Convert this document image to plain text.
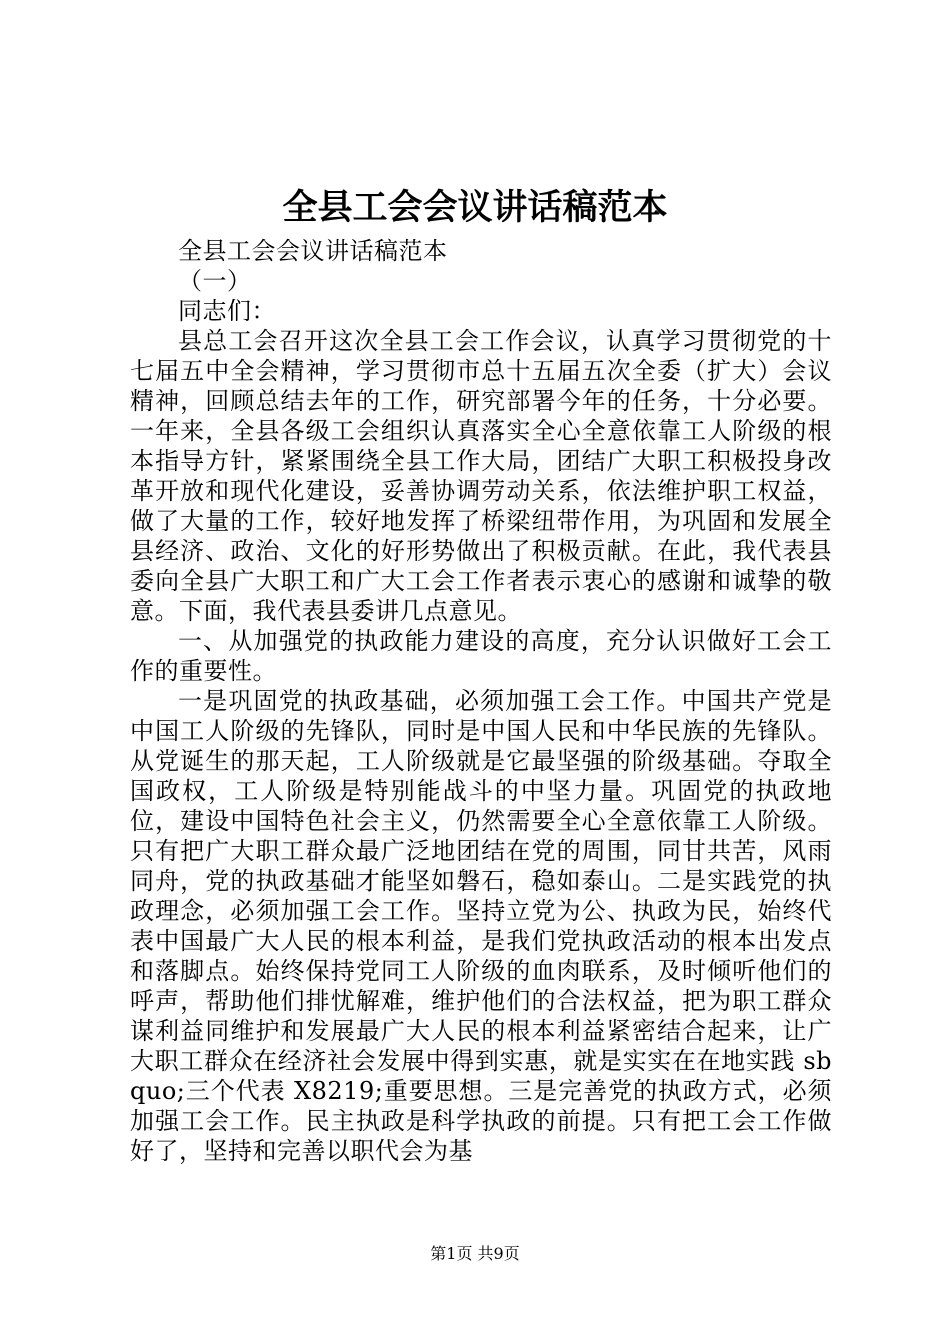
全县工会会议讲话稿范本

全县工会会议讲话稿范本

（一）

同志们：

县总工会召开这次全县工会工作会议，认真学习贯彻党的十七届五中全会精神，学习贯彻市总十五届五次全委（扩大）会议精神，回顾总结去年的工作，研究部署今年的任务，十分必要。一年来，全县各级工会组织认真落实全心全意依靠工人阶级的根本指导方针，紧紧围绕全县工作大局，团结广大职工积极投身改革开放和现代化建设，妥善协调劳动关系，依法维护职工权益，做了大量的工作，较好地发挥了桥梁纽带作用，为巩固和发展全县经济、政治、文化的好形势做出了积极贡献。在此，我代表县委向全县广大职工和广大工会工作者表示衷心的感谢和诚挚的敬意。下面，我代表县委讲几点意见。

一、从加强党的执政能力建设的高度，充分认识做好工会工作的重要性。

一是巩固党的执政基础，必须加强工会工作。中国共产党是中国工人阶级的先锋队，同时是中国人民和中华民族的先锋队。从党诞生的那天起，工人阶级就是它最坚强的阶级基础。夺取全国政权，工人阶级是特别能战斗的中坚力量。巩固党的执政地位，建设中国特色社会主义，仍然需要全心全意依靠工人阶级。只有把广大职工群众最广泛地团结在党的周围，同甘共苦，风雨同舟，党的执政基础才能坚如磐石，稳如泰山。二是实践党的执政理念，必须加强工会工作。坚持立党为公、执政为民，始终代表中国最广大人民的根本利益，是我们党执政活动的根本出发点和落脚点。始终保持党同工人阶级的血肉联系，及时倾听他们的呼声，帮助他们排忧解难，维护他们的合法权益，把为职工群众谋利益同维护和发展最广大人民的根本利益紧密结合起来，让广大职工群众在经济社会发展中得到实惠，就是实实在在地实践 sbquo;三个代表 X8219;重要思想。三是完善党的执政方式，必须加强工会工作。民主执政是科学执政的前提。只有把工会工作做好了，坚持和完善以职代会为基

第1页 共9页
